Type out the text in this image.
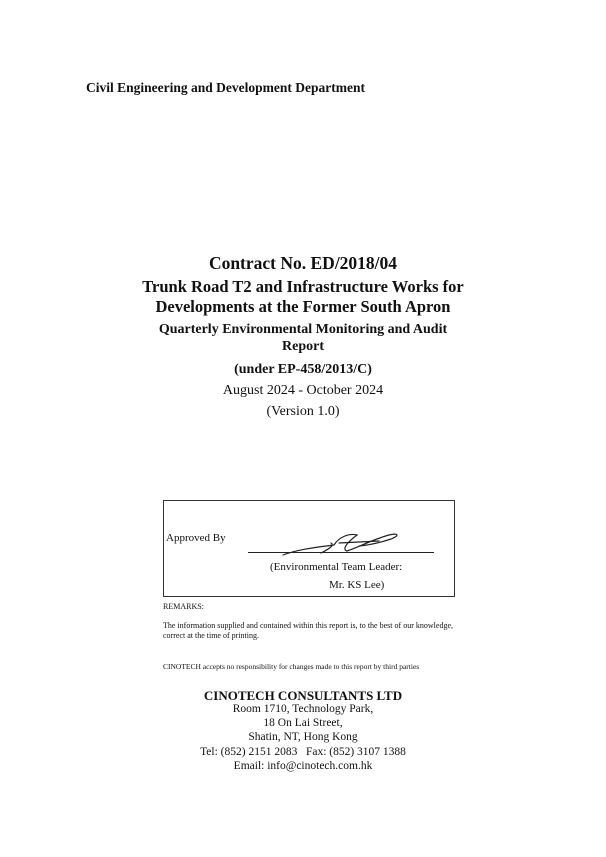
Civil Engineering and Development Department
Contract No. ED/2018/04
Trunk Road T2 and Infrastructure Works for
Developments at the Former South Apron
Quarterly Environmental Monitoring and Audit
Report
(under EP-458/2013/C)
August 2024 - October 2024
(Version 1.0)
Approved By
(Environmental Team Leader:
Mr. KS Lee)
REMARKS:
The information supplied and contained within this report is, to the best of our knowledge, correct at the time of printing.
CINOTECH accepts no responsibility for changes made to this report by third parties
CINOTECH CONSULTANTS LTD
Room 1710, Technology Park,
18 On Lai Street,
Shatin, NT, Hong Kong
Tel: (852) 2151 2083   Fax: (852) 3107 1388
Email: info@cinotech.com.hk
